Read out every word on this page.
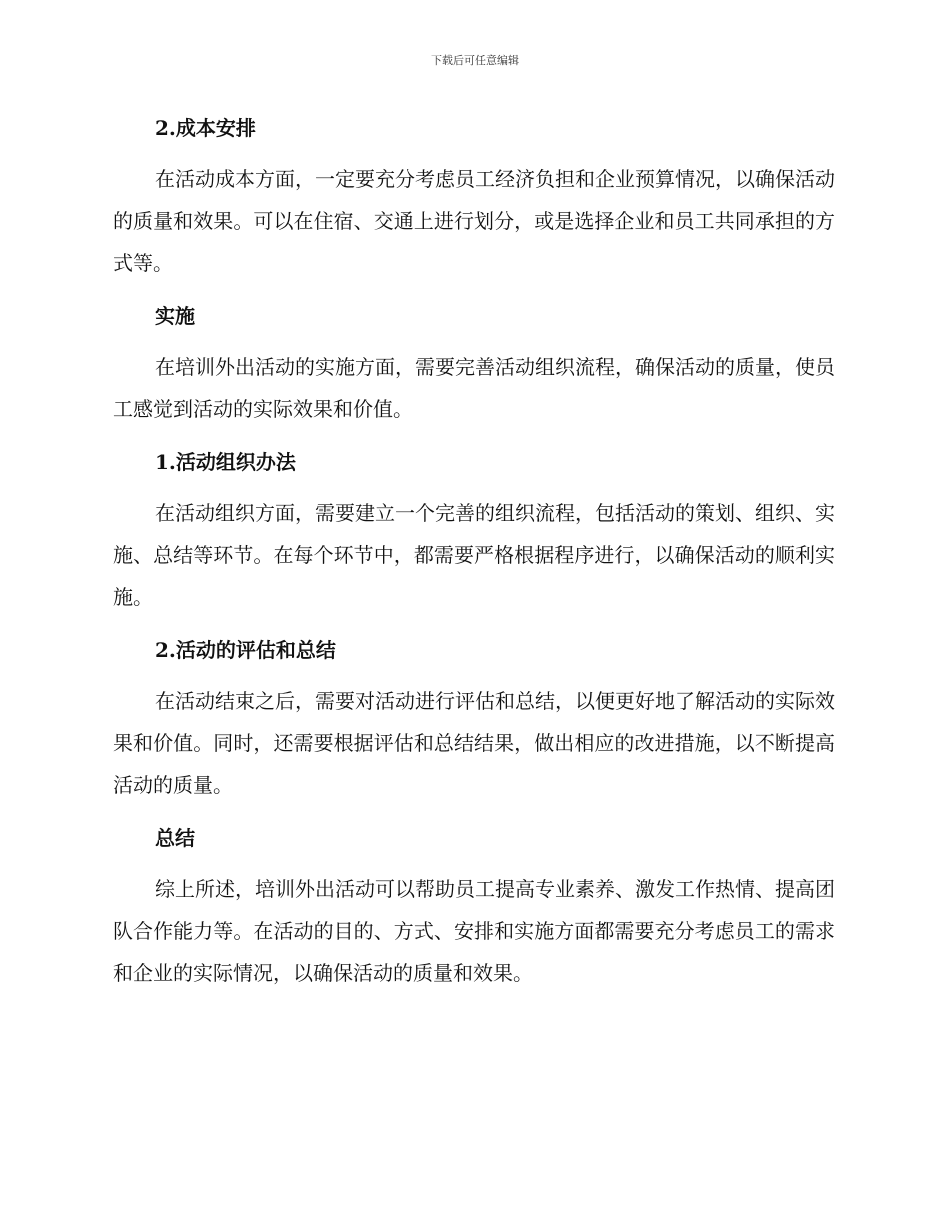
下载后可任意编辑
2.成本安排

在活动成本方面，一定要充分考虑员工经济负担和企业预算情况，以确保活动的质量和效果。可以在住宿、交通上进行划分，或是选择企业和员工共同承担的方式等。

实施

在培训外出活动的实施方面，需要完善活动组织流程，确保活动的质量，使员工感觉到活动的实际效果和价值。

1.活动组织办法

在活动组织方面，需要建立一个完善的组织流程，包括活动的策划、组织、实施、总结等环节。在每个环节中，都需要严格根据程序进行，以确保活动的顺利实施。

2.活动的评估和总结

在活动结束之后，需要对活动进行评估和总结，以便更好地了解活动的实际效果和价值。同时，还需要根据评估和总结结果，做出相应的改进措施，以不断提高活动的质量。

总结

综上所述，培训外出活动可以帮助员工提高专业素养、激发工作热情、提高团队合作能力等。在活动的目的、方式、安排和实施方面都需要充分考虑员工的需求和企业的实际情况，以确保活动的质量和效果。
